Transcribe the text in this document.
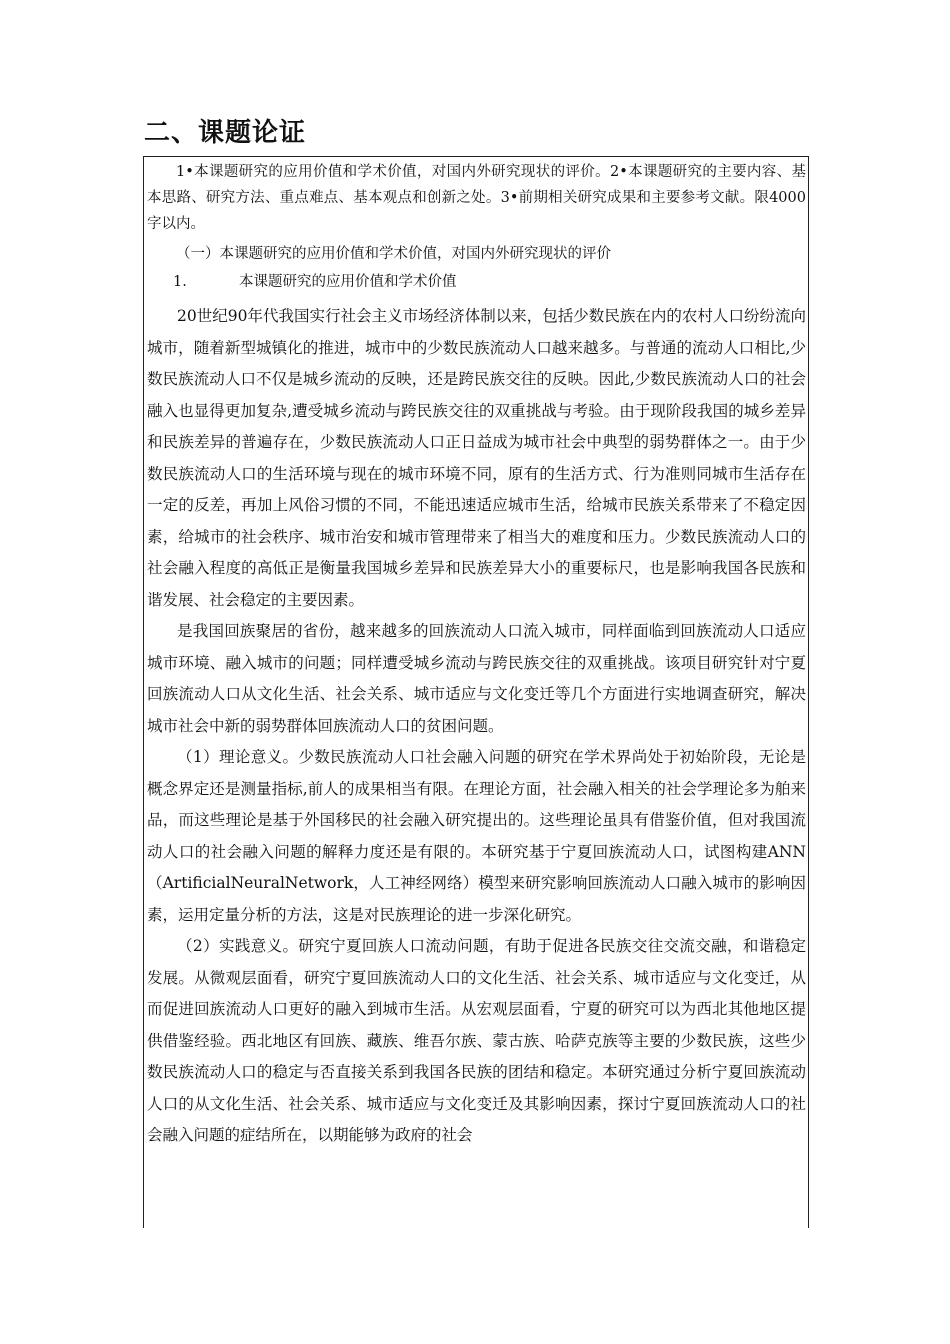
二、课题论证

1•本课题研究的应用价值和学术价值，对国内外研究现状的评价。2•本课题研究的主要内容、基本思路、研究方法、重点难点、基本观点和创新之处。3•前期相关研究成果和主要参考文献。限4000字以内。

（一）本课题研究的应用价值和学术价值，对国内外研究现状的评价

1.	本课题研究的应用价值和学术价值

20世纪90年代我国实行社会主义市场经济体制以来，包括少数民族在内的农村人口纷纷流向城市，随着新型城镇化的推进，城市中的少数民族流动人口越来越多。与普通的流动人口相比,少数民族流动人口不仅是城乡流动的反映，还是跨民族交往的反映。因此,少数民族流动人口的社会融入也显得更加复杂,遭受城乡流动与跨民族交往的双重挑战与考验。由于现阶段我国的城乡差异和民族差异的普遍存在，少数民族流动人口正日益成为城市社会中典型的弱势群体之一。由于少数民族流动人口的生活环境与现在的城市环境不同，原有的生活方式、行为准则同城市生活存在一定的反差，再加上风俗习惯的不同，不能迅速适应城市生活，给城市民族关系带来了不稳定因素，给城市的社会秩序、城市治安和城市管理带来了相当大的难度和压力。少数民族流动人口的社会融入程度的高低正是衡量我国城乡差异和民族差异大小的重要标尺，也是影响我国各民族和谐发展、社会稳定的主要因素。

是我国回族聚居的省份，越来越多的回族流动人口流入城市，同样面临到回族流动人口适应城市环境、融入城市的问题；同样遭受城乡流动与跨民族交往的双重挑战。该项目研究针对宁夏回族流动人口从文化生活、社会关系、城市适应与文化变迁等几个方面进行实地调查研究，解决城市社会中新的弱势群体回族流动人口的贫困问题。

（1）理论意义。少数民族流动人口社会融入问题的研究在学术界尚处于初始阶段，无论是概念界定还是测量指标,前人的成果相当有限。在理论方面，社会融入相关的社会学理论多为舶来品，而这些理论是基于外国移民的社会融入研究提出的。这些理论虽具有借鉴价值，但对我国流动人口的社会融入问题的解释力度还是有限的。本研究基于宁夏回族流动人口，试图构建ANN（ArtificialNeuralNetwork，人工神经网络）模型来研究影响回族流动人口融入城市的影响因素，运用定量分析的方法，这是对民族理论的进一步深化研究。

（2）实践意义。研究宁夏回族人口流动问题，有助于促进各民族交往交流交融，和谐稳定发展。从微观层面看，研究宁夏回族流动人口的文化生活、社会关系、城市适应与文化变迁，从而促进回族流动人口更好的融入到城市生活。从宏观层面看，宁夏的研究可以为西北其他地区提供借鉴经验。西北地区有回族、藏族、维吾尔族、蒙古族、哈萨克族等主要的少数民族，这些少数民族流动人口的稳定与否直接关系到我国各民族的团结和稳定。本研究通过分析宁夏回族流动人口的从文化生活、社会关系、城市适应与文化变迁及其影响因素，探讨宁夏回族流动人口的社会融入问题的症结所在，以期能够为政府的社会
